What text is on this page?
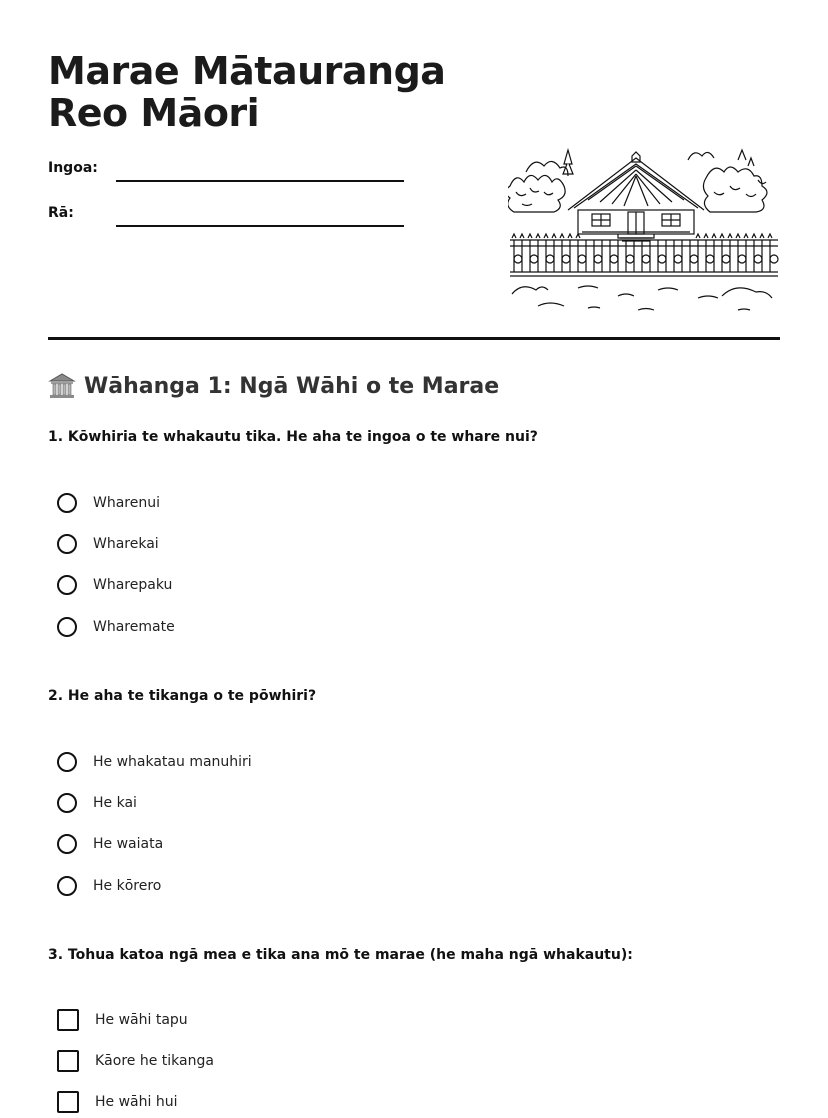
Marae Mātauranga Reo Māori
Ingoa:
Rā:
Wāhanga 1: Ngā Wāhi o te Marae

1. Kōwhiria te whakautu tika. He aha te ingoa o te whare nui?

Wharenui
Wharekai
Wharepaku
Wharemate

2. He aha te tikanga o te pōwhiri?

He whakatau manuhiri
He kai
He waiata
He kōrero

3. Tohua katoa ngā mea e tika ana mō te marae (he maha ngā whakautu):

He wāhi tapu
Kāore he tikanga
He wāhi hui
